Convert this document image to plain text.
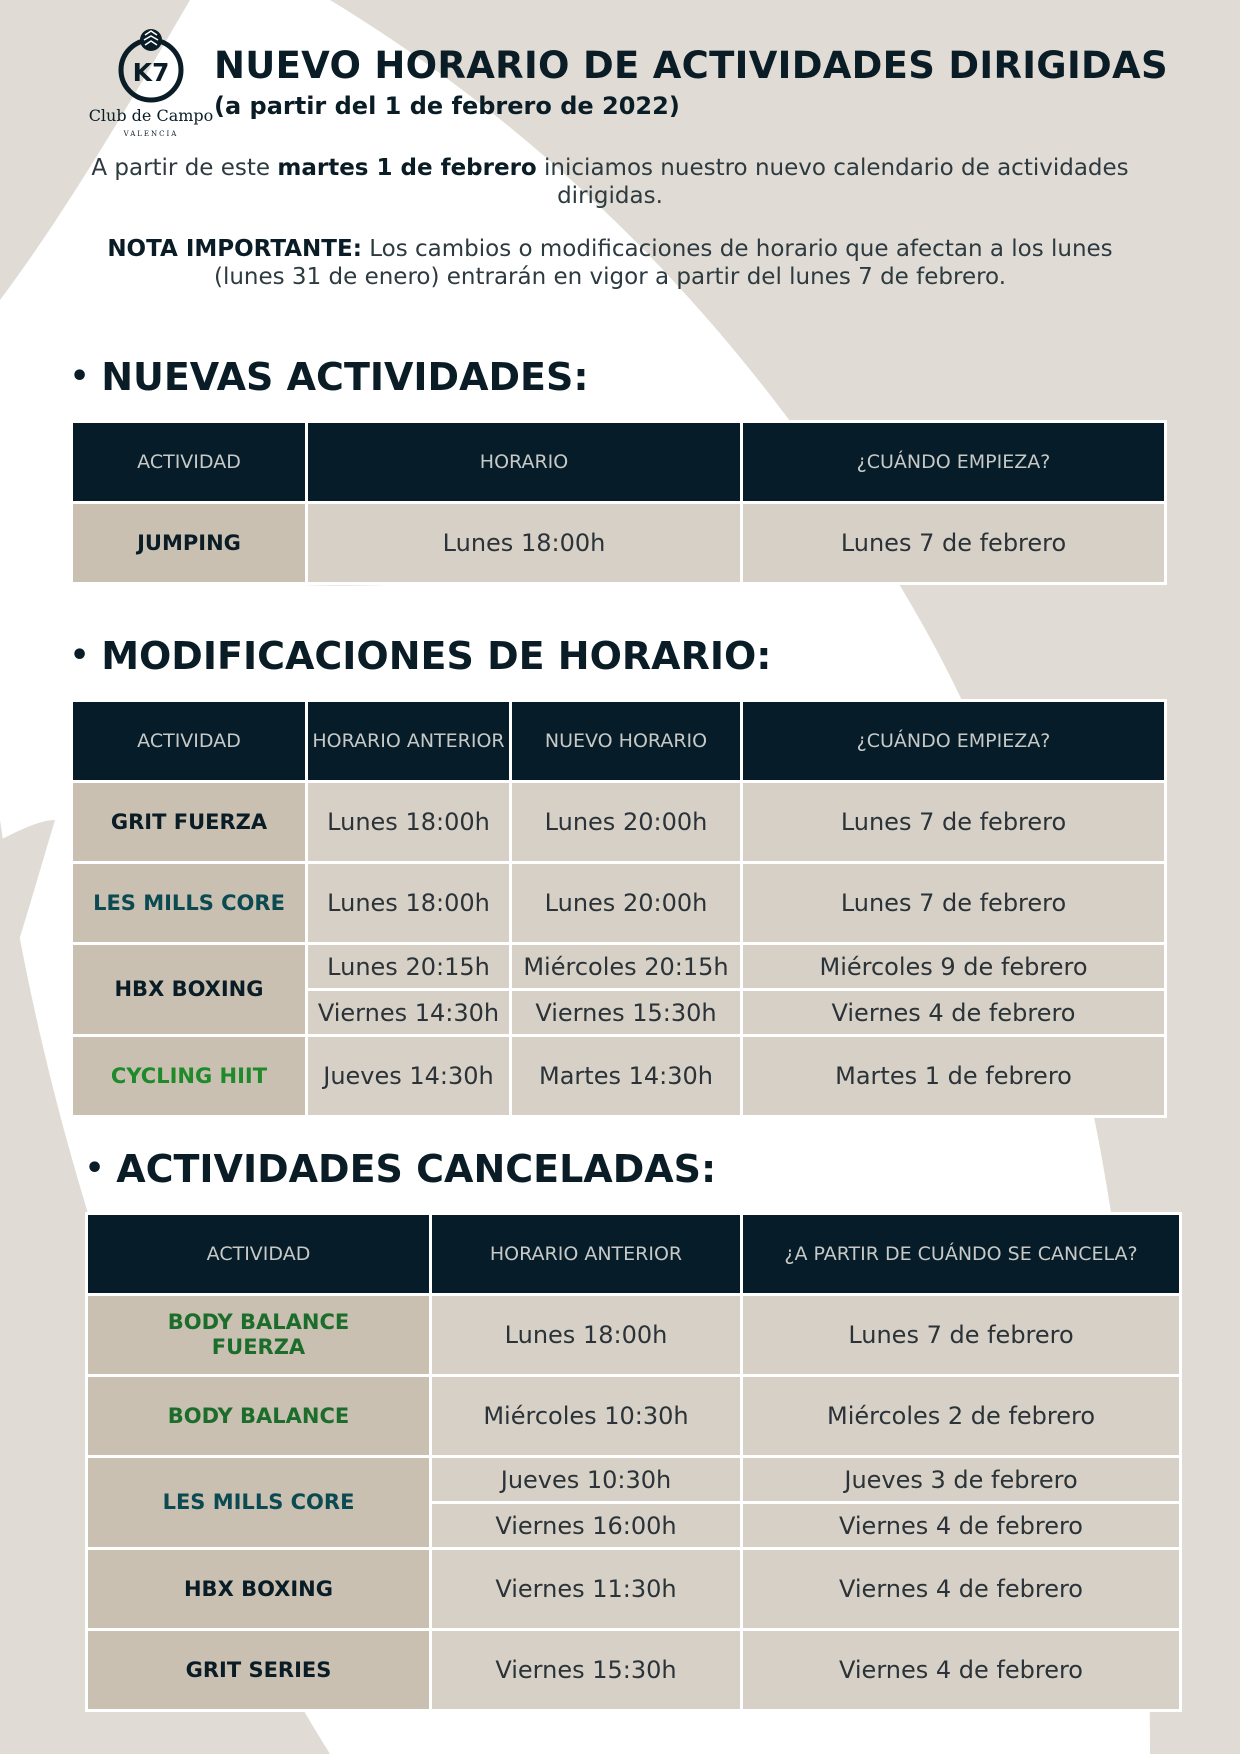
K7
Club de Campo
VALENCIA
NUEVO HORARIO DE ACTIVIDADES DIRIGIDAS
(a partir del 1 de febrero de 2022)
A partir de este martes 1 de febrero iniciamos nuestro nuevo calendario de actividades dirigidas.
NOTA IMPORTANTE: Los cambios o modificaciones de horario que afectan a los lunes (lunes 31 de enero) entrarán en vigor a partir del lunes 7 de febrero.
• NUEVAS ACTIVIDADES:
ACTIVIDAD	HORARIO	¿CUÁNDO EMPIEZA?
JUMPING	Lunes 18:00h	Lunes 7 de febrero
• MODIFICACIONES DE HORARIO:
ACTIVIDAD	HORARIO ANTERIOR	NUEVO HORARIO	¿CUÁNDO EMPIEZA?
GRIT FUERZA	Lunes 18:00h	Lunes 20:00h	Lunes 7 de febrero
LES MILLS CORE	Lunes 18:00h	Lunes 20:00h	Lunes 7 de febrero
HBX BOXING	Lunes 20:15h	Miércoles 20:15h	Miércoles 9 de febrero
	Viernes 14:30h	Viernes 15:30h	Viernes 4 de febrero
CYCLING HIIT	Jueves 14:30h	Martes 14:30h	Martes 1 de febrero
• ACTIVIDADES CANCELADAS:
ACTIVIDAD	HORARIO ANTERIOR	¿A PARTIR DE CUÁNDO SE CANCELA?
BODY BALANCE FUERZA	Lunes 18:00h	Lunes 7 de febrero
BODY BALANCE	Miércoles 10:30h	Miércoles 2 de febrero
LES MILLS CORE	Jueves 10:30h	Jueves 3 de febrero
	Viernes 16:00h	Viernes 4 de febrero
HBX BOXING	Viernes 11:30h	Viernes 4 de febrero
GRIT SERIES	Viernes 15:30h	Viernes 4 de febrero
